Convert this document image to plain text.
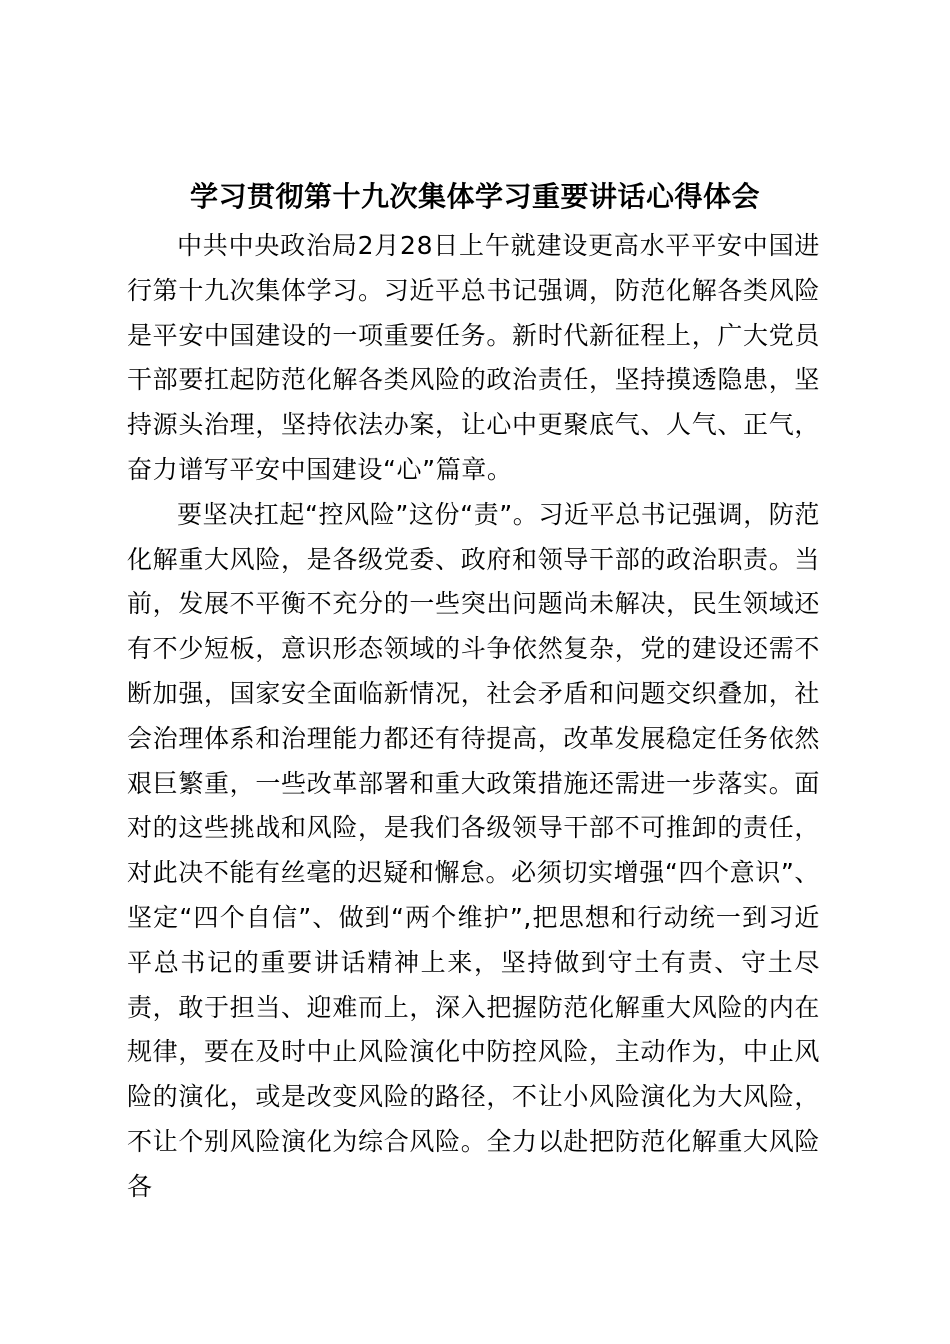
学习贯彻第十九次集体学习重要讲话心得体会

中共中央政治局2月28日上午就建设更高水平平安中国进行第十九次集体学习。习近平总书记强调，防范化解各类风险是平安中国建设的一项重要任务。新时代新征程上，广大党员干部要扛起防范化解各类风险的政治责任，坚持摸透隐患，坚持源头治理，坚持依法办案，让心中更聚底气、人气、正气，奋力谱写平安中国建设“心”篇章。

要坚决扛起“控风险”这份“责”。习近平总书记强调，防范化解重大风险，是各级党委、政府和领导干部的政治职责。当前，发展不平衡不充分的一些突出问题尚未解决，民生领域还有不少短板，意识形态领域的斗争依然复杂，党的建设还需不断加强，国家安全面临新情况，社会矛盾和问题交织叠加，社会治理体系和治理能力都还有待提高，改革发展稳定任务依然艰巨繁重，一些改革部署和重大政策措施还需进一步落实。面对的这些挑战和风险，是我们各级领导干部不可推卸的责任，对此决不能有丝毫的迟疑和懈怠。必须切实增强“四个意识”、坚定“四个自信”、做到“两个维护”,把思想和行动统一到习近平总书记的重要讲话精神上来，坚持做到守土有责、守土尽责，敢于担当、迎难而上，深入把握防范化解重大风险的内在规律，要在及时中止风险演化中防控风险，主动作为，中止风险的演化，或是改变风险的路径，不让小风险演化为大风险，不让个别风险演化为综合风险。全力以赴把防范化解重大风险各
